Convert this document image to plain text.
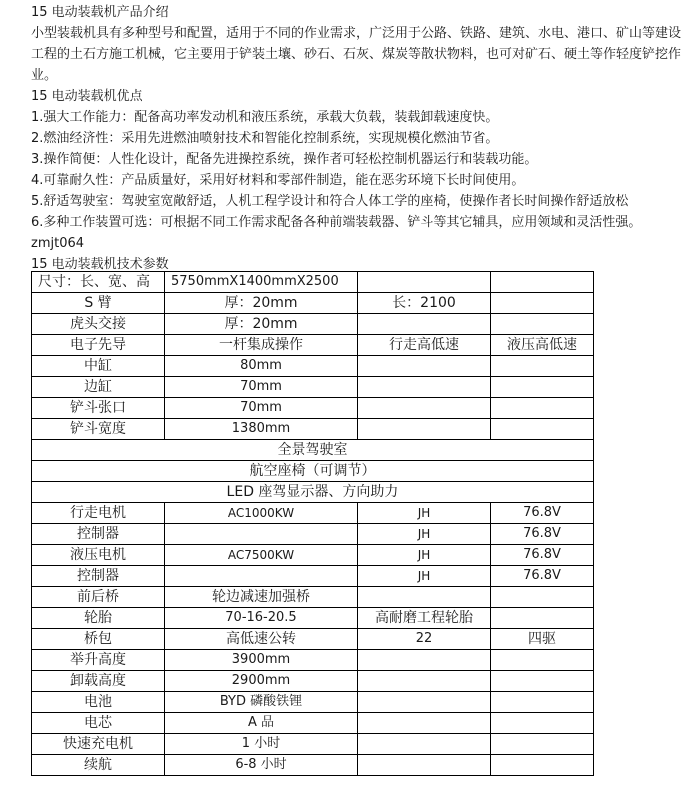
15 电动装载机产品介绍
小型装载机具有多种型号和配置，适用于不同的作业需求，广泛用于公路、铁路、建筑、水电、港口、矿山等建设工程的土石方施工机械，它主要用于铲装土壤、砂石、石灰、煤炭等散状物料，也可对矿石、硬土等作轻度铲挖作业。
15 电动装载机优点
1.强大工作能力：配备高功率发动机和液压系统，承载大负载，装载卸载速度快。
2.燃油经济性：采用先进燃油喷射技术和智能化控制系统，实现规模化燃油节省。
3.操作简便：人性化设计，配备先进操控系统，操作者可轻松控制机器运行和装载功能。
4.可靠耐久性：产品质量好，采用好材料和零部件制造，能在恶劣环境下长时间使用。
5.舒适驾驶室：驾驶室宽敞舒适，人机工程学设计和符合人体工学的座椅，使操作者长时间操作舒适放松
6.多种工作装置可选：可根据不同工作需求配备各种前端装载器、铲斗等其它辅具，应用领域和灵活性强。
zmjt064
15 电动装载机技术参数
尺寸：长、宽、高	5750mmX1400mmX2500		
S 臂	厚：20mm	长：2100	
虎头交接	厚：20mm		
电子先导	一杆集成操作	行走高低速	液压高低速
中缸	80mm		
边缸	70mm		
铲斗张口	70mm		
铲斗宽度	1380mm		
全景驾驶室			
航空座椅（可调节）			
LED 座驾显示器、方向助力			
行走电机	AC1000KW	JH	76.8V
控制器		JH	76.8V
液压电机	AC7500KW	JH	76.8V
控制器		JH	76.8V
前后桥	轮边减速加强桥		
轮胎	70-16-20.5	高耐磨工程轮胎	
桥包	高低速公转	22	四驱
举升高度	3900mm		
卸载高度	2900mm		
电池	BYD 磷酸铁锂		
电芯	A 品		
快速充电机	1 小时		
续航	6-8 小时		
